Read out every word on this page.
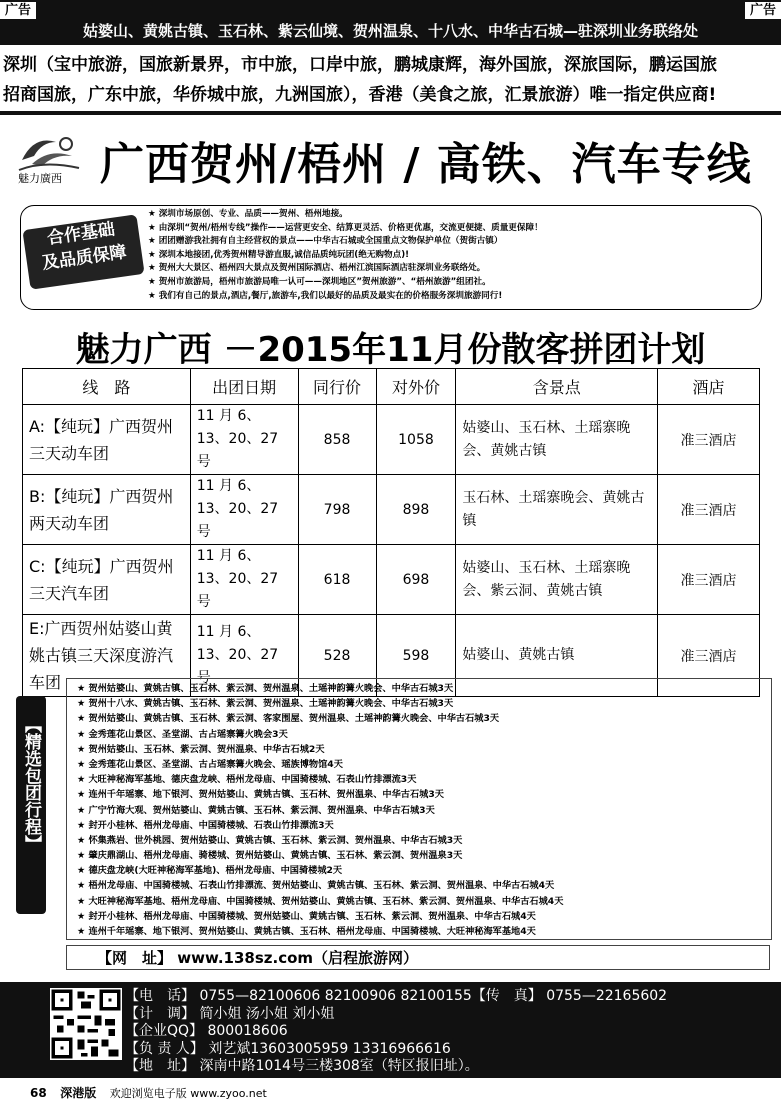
广告	广告
姑婆山、黄姚古镇、玉石林、紫云仙境、贺州温泉、十八水、中华古石城—驻深圳业务联络处
深圳（宝中旅游，国旅新景界，市中旅，口岸中旅，鹏城康辉，海外国旅，深旅国际，鹏运国旅
招商国旅，广东中旅，华侨城中旅，九洲国旅），香港（美食之旅，汇景旅游）唯一指定供应商!
魅力廣西 广西贺州/梧州 / 高铁、汽车专线
合作基础
及品质保障
★ 深圳市场原创、专业、品质——贺州、梧州地接。
★ 由深圳“贺州/梧州专线”操作——运营更安全、结算更灵活、价格更优惠，交流更便捷、质量更保障！
★ 团团赠游我社拥有自主经营权的景点——中华古石城或全国重点文物保护单位（贺街古镇）
★ 深圳本地接团,优秀贺州精导游直服,诚信品质纯玩团(绝无购物点)!
★ 贺州大大景区、梧州四大景点及贺州国际酒店、梧州江滨国际酒店驻深圳业务联络处。
★ 贺州市旅游局，梧州市旅游局唯一认可——深圳地区”贺州旅游”、“梧州旅游”组团社。
★ 我们有自己的景点,酒店,餐厅,旅游车,我们以最好的品质及最实在的价格服务深圳旅游同行!
魅力广西 －2015年11月份散客拼团计划
线　路	出团日期	同行价	对外价	含景点	酒店
A:【纯玩】广西贺州三天动车团	11 月 6、13、20、27 号	858	1058	姑婆山、玉石林、土瑶寨晚会、黄姚古镇	准三酒店
B:【纯玩】广西贺州两天动车团	11 月 6、13、20、27 号	798	898	玉石林、土瑶寨晚会、黄姚古镇	准三酒店
C:【纯玩】广西贺州三天汽车团	11 月 6、13、20、27 号	618	698	姑婆山、玉石林、土瑶寨晚会、紫云洞、黄姚古镇	准三酒店
E:广西贺州姑婆山黄姚古镇三天深度游汽车团	11 月 6、13、20、27 号	528	598	姑婆山、黄姚古镇	准三酒店
【精选包团行程】
★ 贺州姑婆山、黄姚古镇、玉石林、紫云洞、贺州温泉、土瑶神韵篝火晚会、中华古石城3天
★ 贺州十八水、黄姚古镇、玉石林、紫云洞、贺州温泉、土瑶神韵篝火晚会、中华古石城3天
★ 贺州姑婆山、黄姚古镇、玉石林、紫云洞、客家围屋、贺州温泉、土瑶神韵篝火晚会、中华古石城3天
★ 金秀莲花山景区、圣堂湖、古占瑶寨篝火晚会3天
★ 贺州姑婆山、玉石林、紫云洞、贺州温泉、中华古石城2天
★ 金秀莲花山景区、圣堂湖、古占瑶寨篝火晚会、瑶族博物馆4天
★ 大旺神秘海军基地、德庆盘龙峡、梧州龙母庙、中国骑楼城、石表山竹排漂流3天
★ 连州千年瑶寨、地下银河、贺州姑婆山、黄姚古镇、玉石林、贺州温泉、中华古石城3天
★ 广宁竹海大观、贺州姑婆山、黄姚古镇、玉石林、紫云洞、贺州温泉、中华古石城3天
★ 封开小桂林、梧州龙母庙、中国骑楼城、石表山竹排漂流3天
★ 怀集燕岩、世外桃园、贺州姑婆山、黄姚古镇、玉石林、紫云洞、贺州温泉、中华古石城3天
★ 肇庆鼎湖山、梧州龙母庙、骑楼城、贺州姑婆山、黄姚古镇、玉石林、紫云洞、贺州温泉3天
★ 德庆盘龙峡(大旺神秘海军基地)、梧州龙母庙、中国骑楼城2天
★ 梧州龙母庙、中国骑楼城、石表山竹排漂流、贺州姑婆山、黄姚古镇、玉石林、紫云洞、贺州温泉、中华古石城4天
★ 大旺神秘海军基地、梧州龙母庙、中国骑楼城、贺州姑婆山、黄姚古镇、玉石林、紫云洞、贺州温泉、中华古石城4天
★ 封开小桂林、梧州龙母庙、中国骑楼城、贺州姑婆山、黄姚古镇、玉石林、紫云洞、贺州温泉、中华古石城4天
★ 连州千年瑶寨、地下银河、贺州姑婆山、黄姚古镇、玉石林、梧州龙母庙、中国骑楼城、大旺神秘海军基地4天
【网　址】 www.138sz.com（启程旅游网）
【电　话】 0755—82100606 82100906 82100155【传　真】 0755—22165602
【计　调】 简小姐 汤小姐 刘小姐
【企业QQ】 800018606
【负 责 人】 刘艺斌13603005959 13316966616
【地　址】 深南中路1014号三楼308室（特区报旧址）。
68 深港版 欢迎浏览电子版 www.zyoo.net
